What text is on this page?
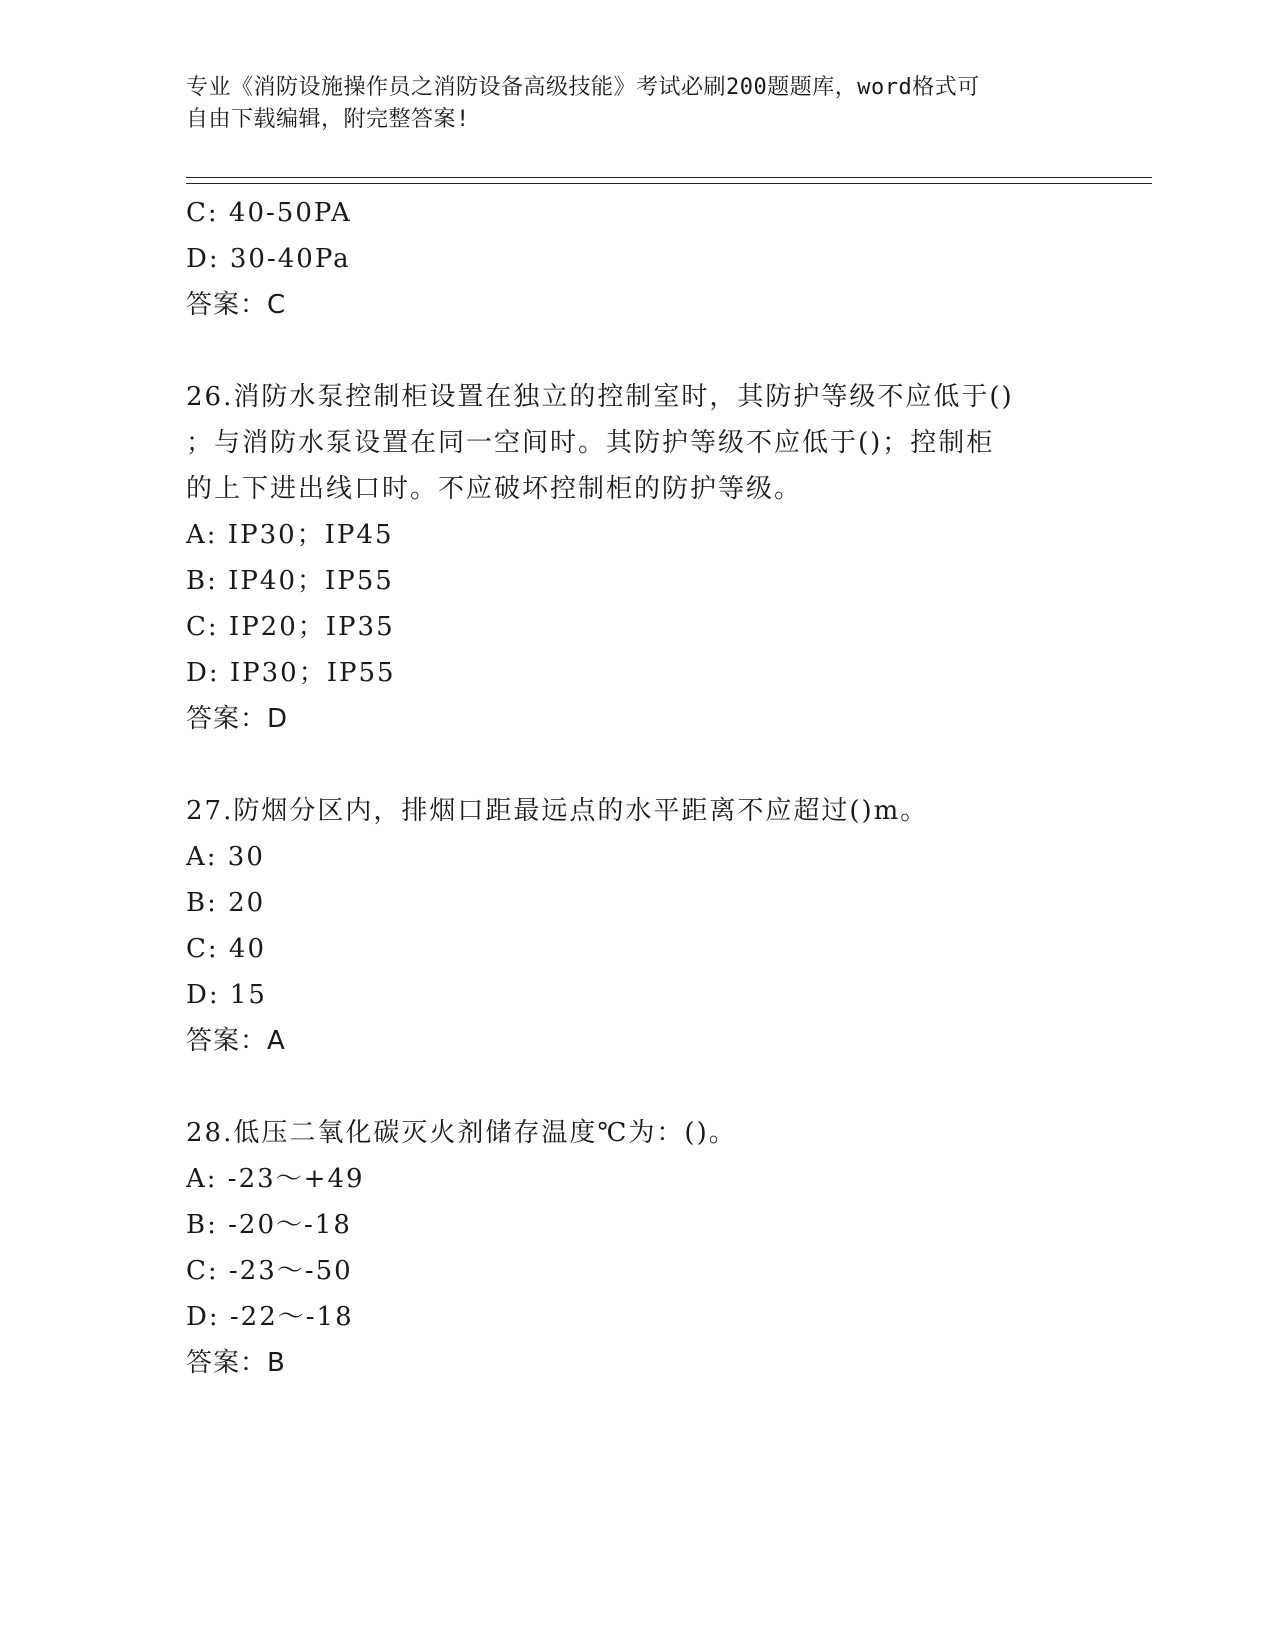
专业《消防设施操作员之消防设备高级技能》考试必刷200题题库，word格式可
自由下载编辑，附完整答案!
C: 40-50PA
D: 30-40Pa
答案：C
26.消防水泵控制柜设置在独立的控制室时，其防护等级不应低于()
；与消防水泵设置在同一空间时。其防护等级不应低于()；控制柜
的上下进出线口时。不应破坏控制柜的防护等级。
A: IP30；IP45
B: IP40；IP55
C: IP20；IP35
D: IP30；IP55
答案：D
27.防烟分区内，排烟口距最远点的水平距离不应超过()m。
A: 30
B: 20
C: 40
D: 15
答案：A
28.低压二氧化碳灭火剂储存温度℃为：()。
A: -23～+49
B: -20～-18
C: -23～-50
D: -22～-18
答案：B
